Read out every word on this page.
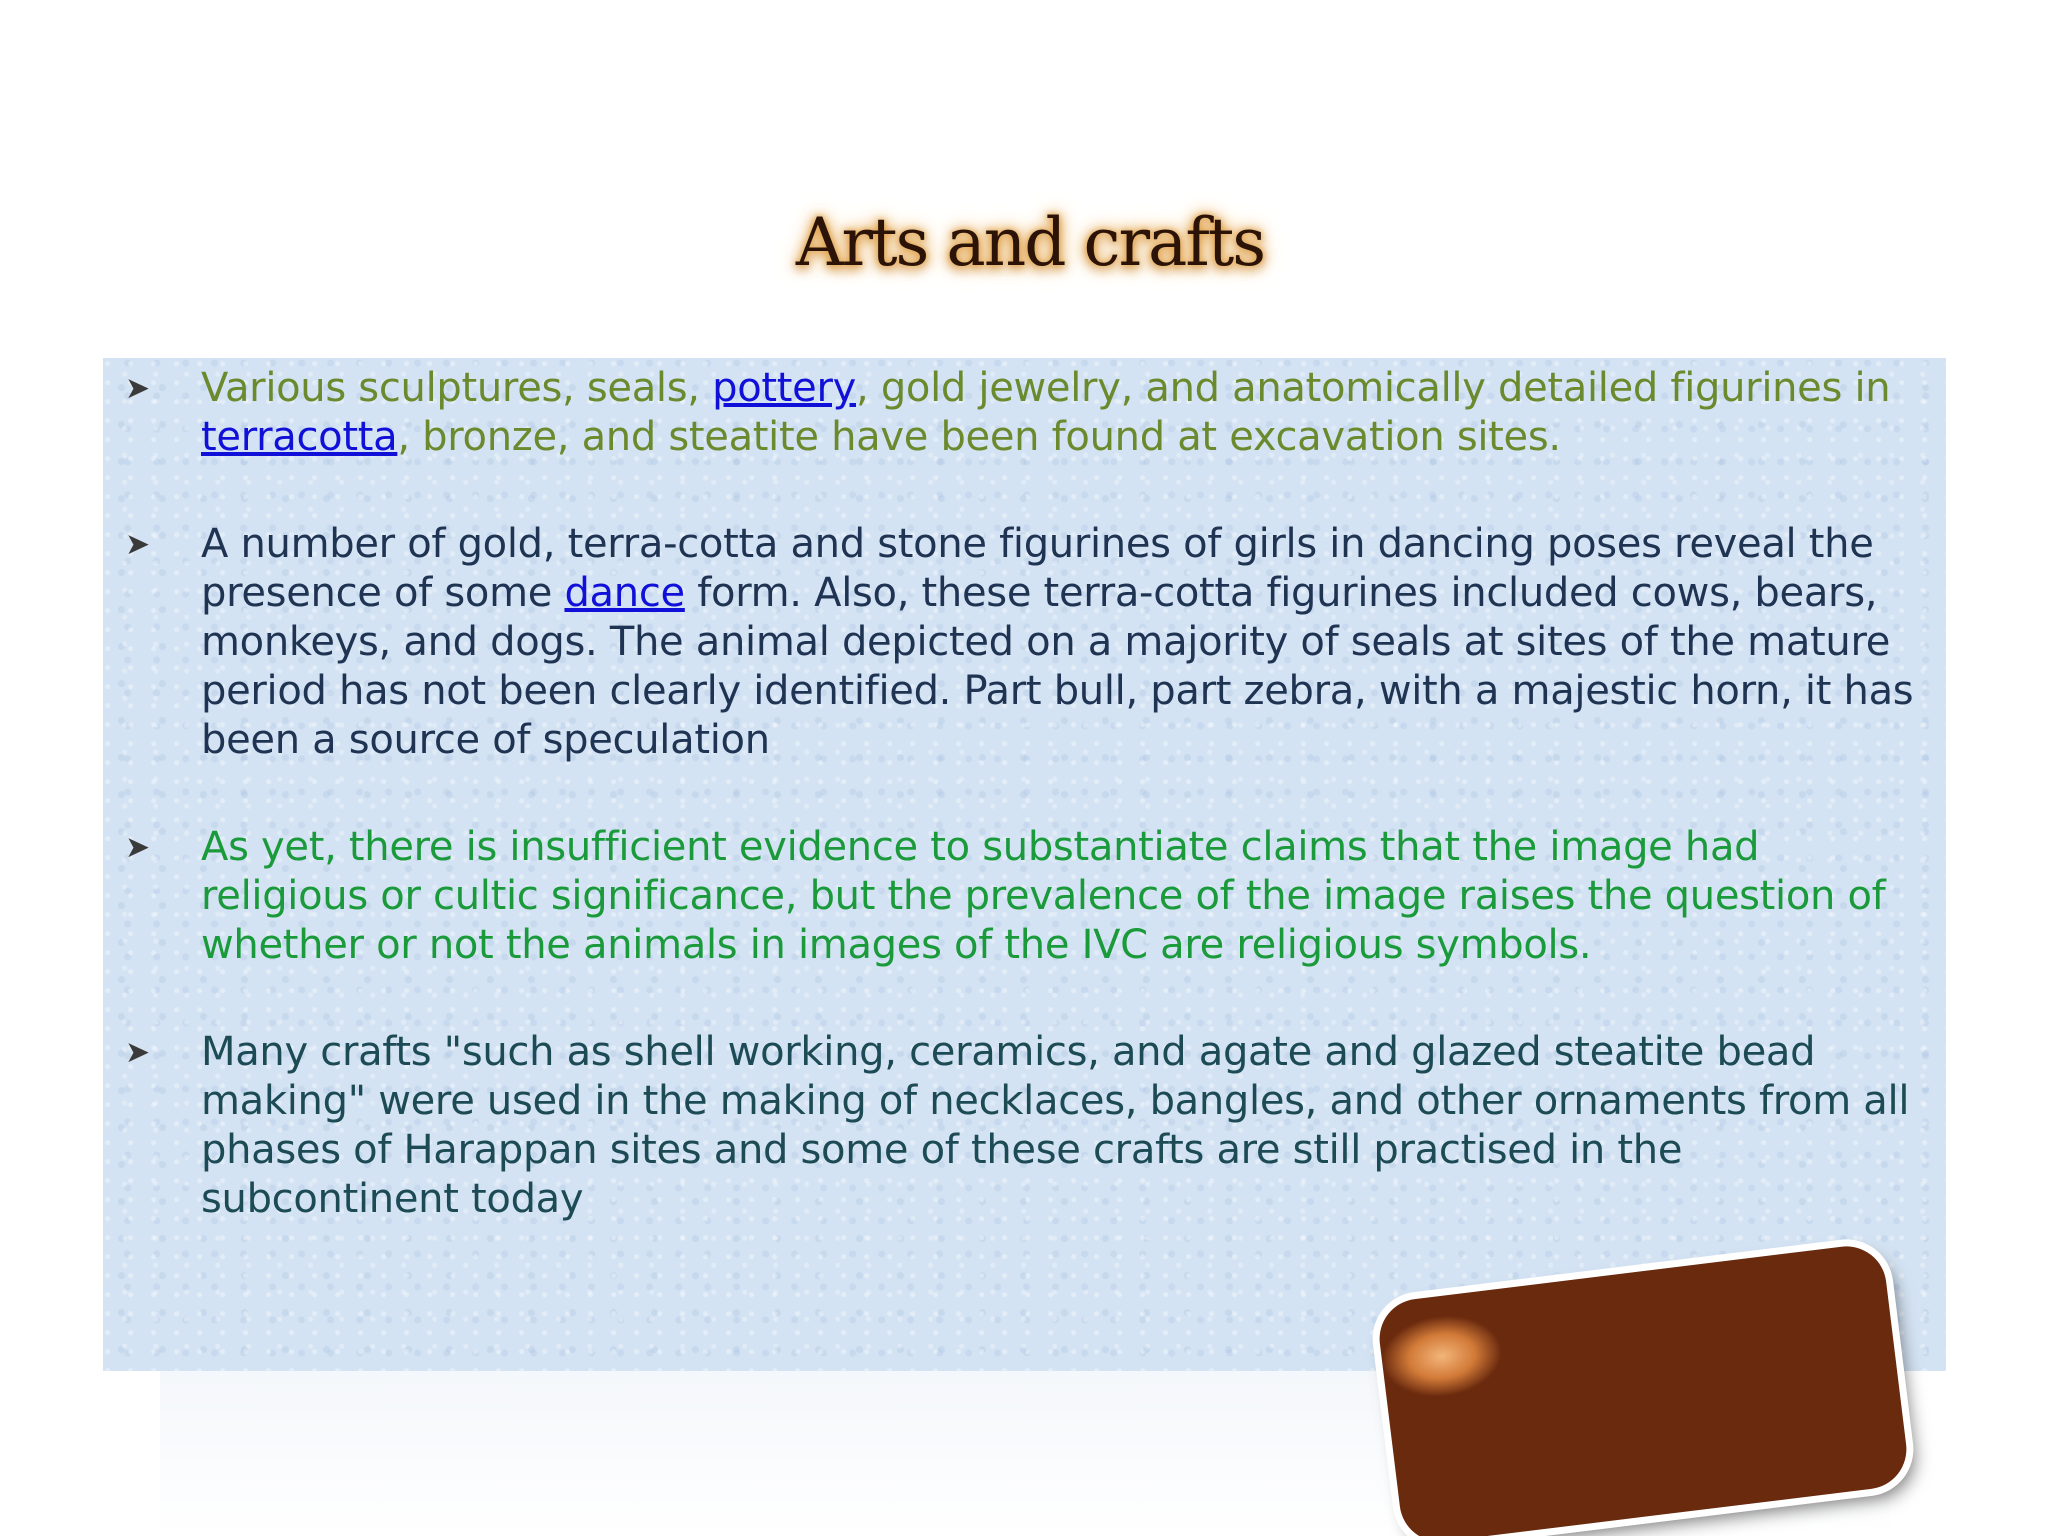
Arts and crafts
➤	Various sculptures, seals, pottery, gold jewelry, and anatomically detailed figurines in terracotta, bronze, and steatite have been found at excavation sites.
➤	A number of gold, terra-cotta and stone figurines of girls in dancing poses reveal the presence of some dance form. Also, these terra-cotta figurines included cows, bears, monkeys, and dogs. The animal depicted on a majority of seals at sites of the mature period has not been clearly identified. Part bull, part zebra, with a majestic horn, it has been a source of speculation
➤	As yet, there is insufficient evidence to substantiate claims that the image had religious or cultic significance, but the prevalence of the image raises the question of whether or not the animals in images of the IVC are religious symbols.
➤	Many crafts "such as shell working, ceramics, and agate and glazed steatite bead making" were used in the making of necklaces, bangles, and other ornaments from all phases of Harappan sites and some of these crafts are still practised in the subcontinent today
